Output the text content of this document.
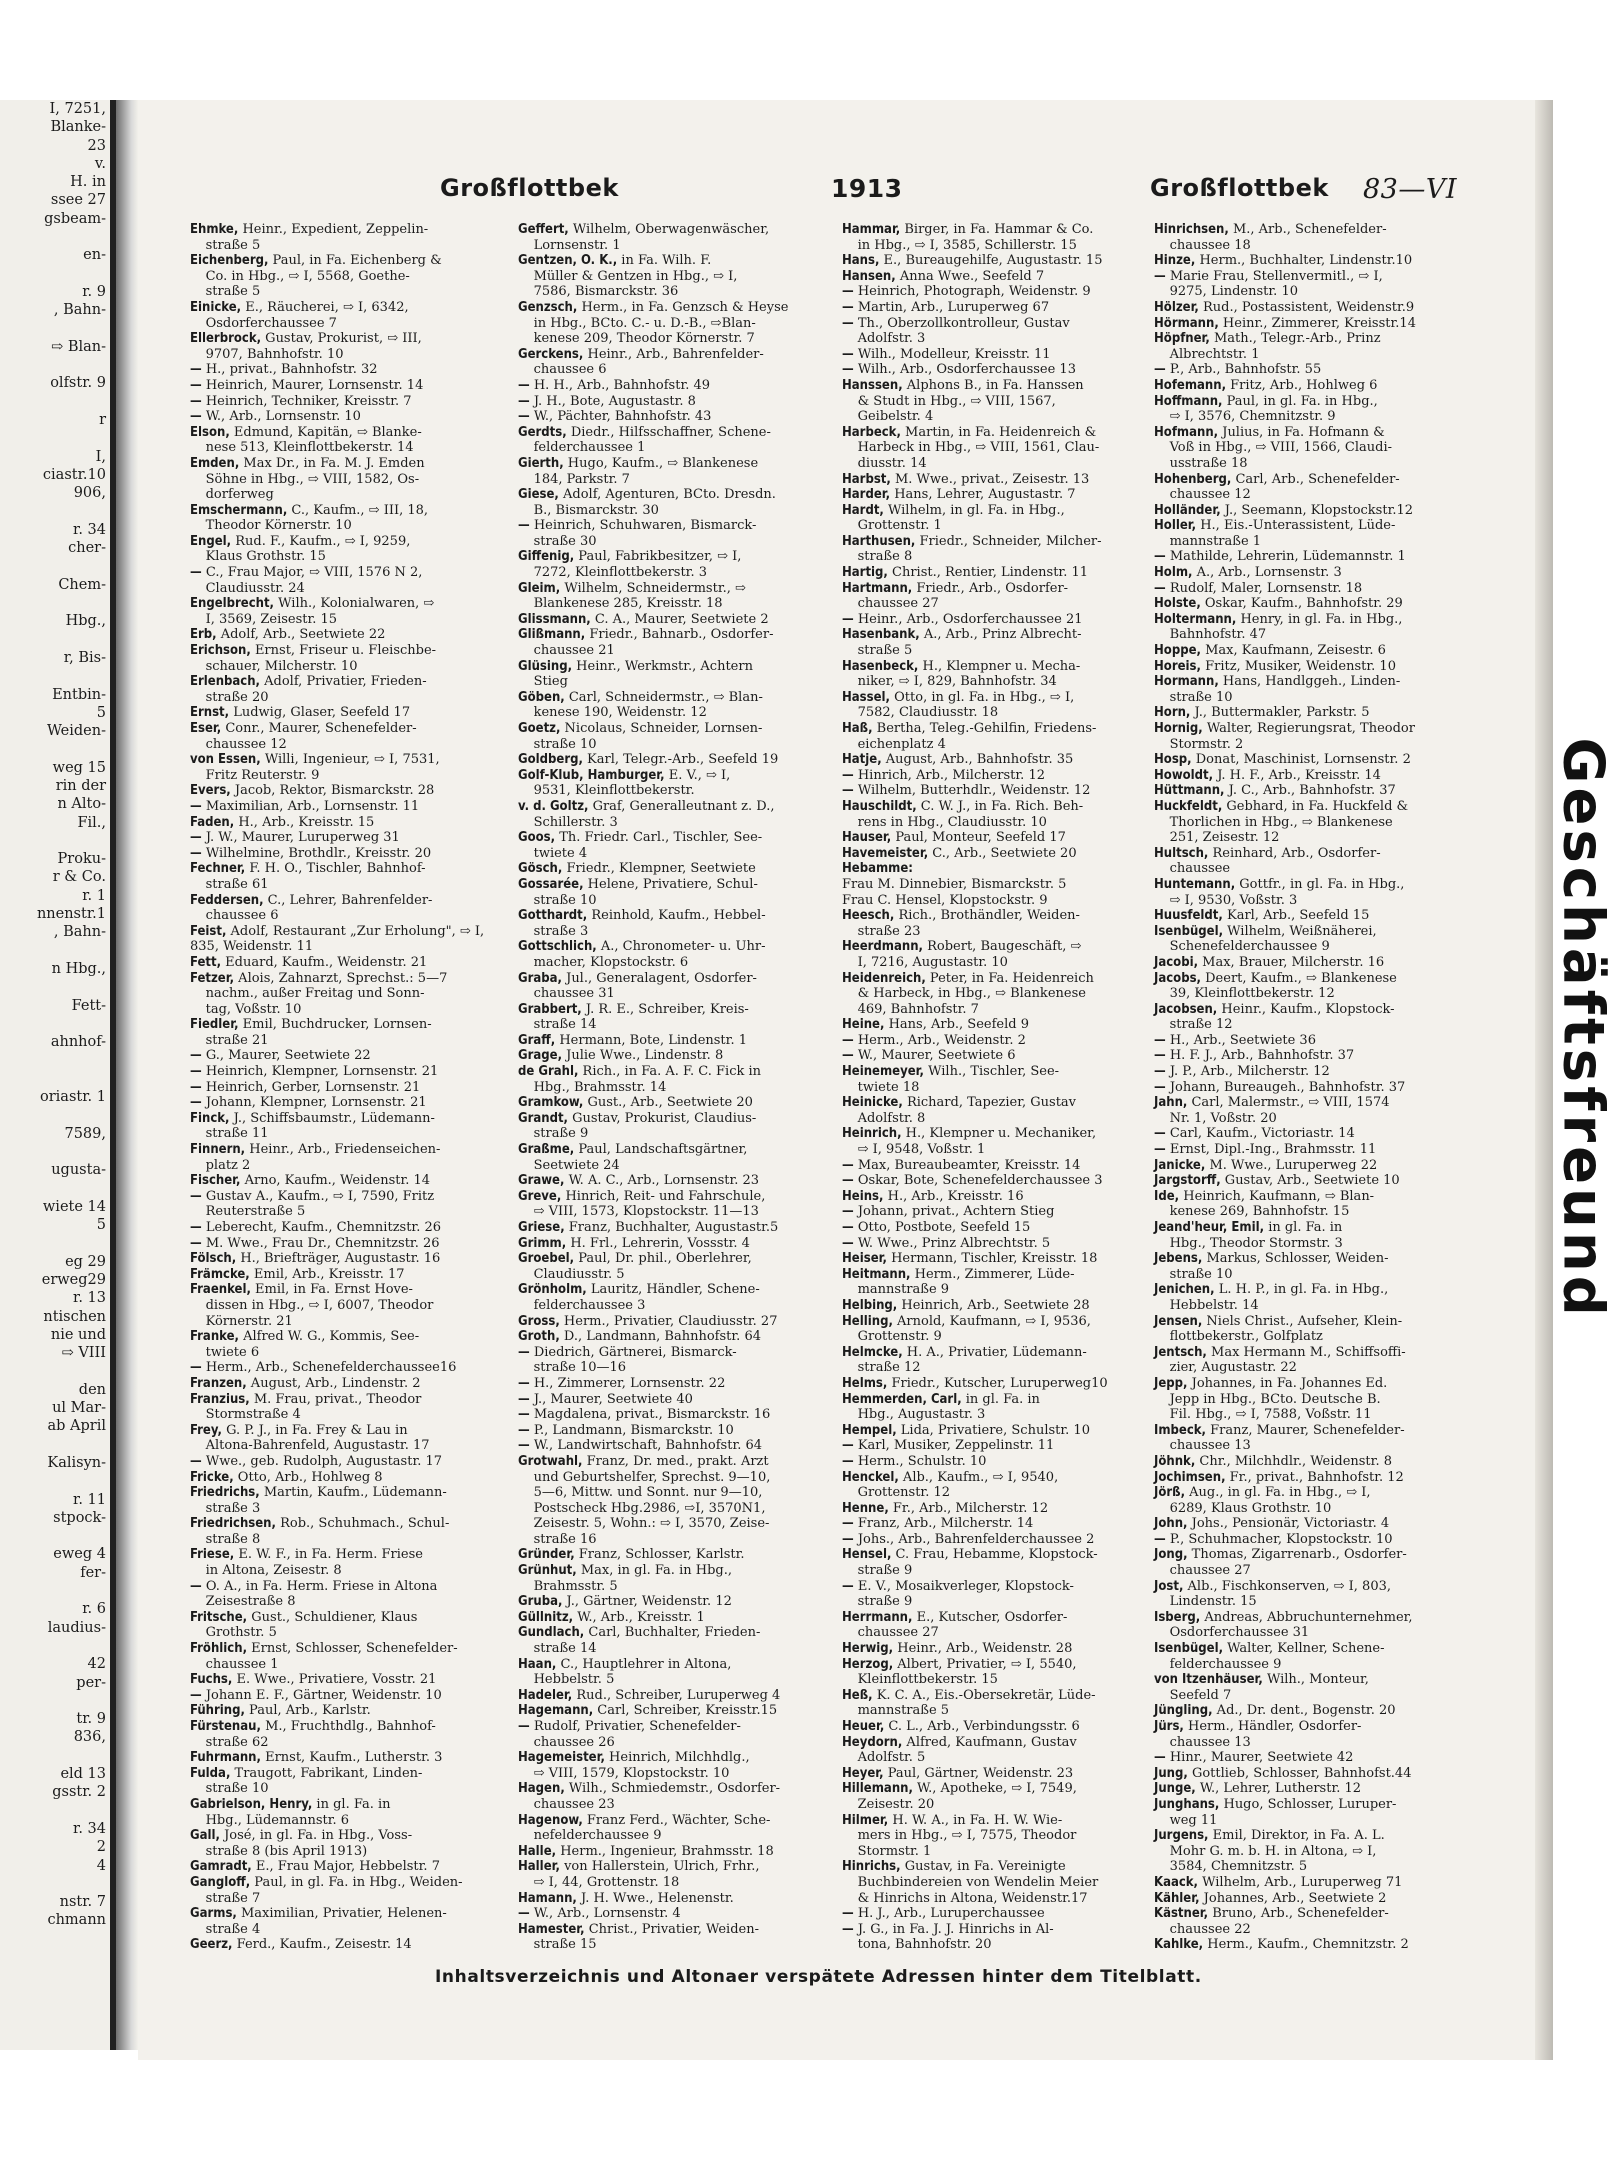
I, 7251,
Blanke-
23
v.
H. in
ssee 27
gsbeam-

en-

r. 9
, Bahn-

⇨ Blan-

olfstr. 9

r

I,
ciastr.10
906,

r. 34
cher-

Chem-

Hbg.,

r, Bis-

Entbin-
5
Weiden-

weg 15
rin der
n Alto-
Fil.,

Proku-
r & Co.
r. 1
nnenstr.1
, Bahn-

n Hbg.,

Fett-

ahnhof-

oriastr. 1

7589,

ugusta-

wiete 14
5

eg 29
erweg29
r. 13
ntischen
nie und
⇨ VIII

den
ul Mar-
ab April

Kalisyn-

r. 11
stpock-

eweg 4
fer-

r. 6
laudius-

42
per-

tr. 9
836,

eld 13
gsstr. 2

r. 34
2
4

nstr. 7
chmann
Geschäftsfreund
Großflottbek	1913	Großflottbek 83—VI
Ehmke, Heinr., Expedient, Zeppelin-
straße 5
Eichenberg, Paul, in Fa. Eichenberg &
Co. in Hbg., ⇨ I, 5568, Goethe-
straße 5
Einicke, E., Räucherei, ⇨ I, 6342,
Osdorferchaussee 7
Ellerbrock, Gustav, Prokurist, ⇨ III,
9707, Bahnhofstr. 10
— H., privat., Bahnhofstr. 32
— Heinrich, Maurer, Lornsenstr. 14
— Heinrich, Techniker, Kreisstr. 7
— W., Arb., Lornsenstr. 10
Elson, Edmund, Kapitän, ⇨ Blanke-
nese 513, Kleinflottbekerstr. 14
Emden, Max Dr., in Fa. M. J. Emden
Söhne in Hbg., ⇨ VIII, 1582, Os-
dorferweg
Emschermann, C., Kaufm., ⇨ III, 18,
Theodor Körnerstr. 10
Engel, Rud. F., Kaufm., ⇨ I, 9259,
Klaus Grothstr. 15
— C., Frau Major, ⇨ VIII, 1576 N 2,
Claudiusstr. 24
Engelbrecht, Wilh., Kolonialwaren, ⇨
I, 3569, Zeisestr. 15
Erb, Adolf, Arb., Seetwiete 22
Erichson, Ernst, Friseur u. Fleischbe-
schauer, Milcherstr. 10
Erlenbach, Adolf, Privatier, Frieden-
straße 20
Ernst, Ludwig, Glaser, Seefeld 17
Eser, Conr., Maurer, Schenefelder-
chaussee 12
von Essen, Willi, Ingenieur, ⇨ I, 7531,
Fritz Reuterstr. 9
Evers, Jacob, Rektor, Bismarckstr. 28
— Maximilian, Arb., Lornsenstr. 11
Faden, H., Arb., Kreisstr. 15
— J. W., Maurer, Luruperweg 31
— Wilhelmine, Brothdlr., Kreisstr. 20
Fechner, F. H. O., Tischler, Bahnhof-
straße 61
Feddersen, C., Lehrer, Bahrenfelder-
chaussee 6
Feist, Adolf, Restaurant „Zur Erholung", ⇨ I, 835, Weidenstr. 11
Fett, Eduard, Kaufm., Weidenstr. 21
Fetzer, Alois, Zahnarzt, Sprechst.: 5—7
nachm., außer Freitag und Sonn-
tag, Voßstr. 10
Fiedler, Emil, Buchdrucker, Lornsen-
straße 21
— G., Maurer, Seetwiete 22
— Heinrich, Klempner, Lornsenstr. 21
— Heinrich, Gerber, Lornsenstr. 21
— Johann, Klempner, Lornsenstr. 21
Finck, J., Schiffsbaumstr., Lüdemann-
straße 11
Finnern, Heinr., Arb., Friedenseichen-
platz 2
Fischer, Arno, Kaufm., Weidenstr. 14
— Gustav A., Kaufm., ⇨ I, 7590, Fritz
Reuterstraße 5
— Leberecht, Kaufm., Chemnitzstr. 26
— M. Wwe., Frau Dr., Chemnitzstr. 26
Fölsch, H., Briefträger, Augustastr. 16
Främcke, Emil, Arb., Kreisstr. 17
Fraenkel, Emil, in Fa. Ernst Hove-
dissen in Hbg., ⇨ I, 6007, Theodor
Körnerstr. 21
Franke, Alfred W. G., Kommis, See-
twiete 6
— Herm., Arb., Schenefelderchaussee16
Franzen, August, Arb., Lindenstr. 2
Franzius, M. Frau, privat., Theodor
Stormstraße 4
Frey, G. P. J., in Fa. Frey & Lau in
Altona-Bahrenfeld, Augustastr. 17
— Wwe., geb. Rudolph, Augustastr. 17
Fricke, Otto, Arb., Hohlweg 8
Friedrichs, Martin, Kaufm., Lüdemann-
straße 3
Friedrichsen, Rob., Schuhmach., Schul-
straße 8
Friese, E. W. F., in Fa. Herm. Friese
in Altona, Zeisestr. 8
— O. A., in Fa. Herm. Friese in Altona
Zeisestraße 8
Fritsche, Gust., Schuldiener, Klaus
Grothstr. 5
Fröhlich, Ernst, Schlosser, Schenefelder-
chaussee 1
Fuchs, E. Wwe., Privatiere, Vosstr. 21
— Johann E. F., Gärtner, Weidenstr. 10
Führing, Paul, Arb., Karlstr.
Fürstenau, M., Fruchthdlg., Bahnhof-
straße 62
Fuhrmann, Ernst, Kaufm., Lutherstr. 3
Fulda, Traugott, Fabrikant, Linden-
straße 10
Gabrielson, Henry, in gl. Fa. in
Hbg., Lüdemannstr. 6
Gall, José, in gl. Fa. in Hbg., Voss-
straße 8 (bis April 1913)
Gamradt, E., Frau Major, Hebbelstr. 7
Gangloff, Paul, in gl. Fa. in Hbg., Weiden-
straße 7
Garms, Maximilian, Privatier, Helenen-
straße 4
Geerz, Ferd., Kaufm., Zeisestr. 14
Geffert, Wilhelm, Oberwagenwäscher,
Lornsenstr. 1
Gentzen, O. K., in Fa. Wilh. F.
Müller & Gentzen in Hbg., ⇨ I,
7586, Bismarckstr. 36
Genzsch, Herm., in Fa. Genzsch & Heyse
in Hbg., BCto. C.- u. D.-B., ⇨Blan-
kenese 209, Theodor Körnerstr. 7
Gerckens, Heinr., Arb., Bahrenfelder-
chaussee 6
— H. H., Arb., Bahnhofstr. 49
— J. H., Bote, Augustastr. 8
— W., Pächter, Bahnhofstr. 43
Gerdts, Diedr., Hilfsschaffner, Schene-
felderchaussee 1
Gierth, Hugo, Kaufm., ⇨ Blankenese
184, Parkstr. 7
Giese, Adolf, Agenturen, BCto. Dresdn.
B., Bismarckstr. 30
— Heinrich, Schuhwaren, Bismarck-
straße 30
Giffenig, Paul, Fabrikbesitzer, ⇨ I,
7272, Kleinflottbekerstr. 3
Gleim, Wilhelm, Schneidermstr., ⇨
Blankenese 285, Kreisstr. 18
Glissmann, C. A., Maurer, Seetwiete 2
Glißmann, Friedr., Bahnarb., Osdorfer-
chaussee 21
Glüsing, Heinr., Werkmstr., Achtern
Stieg
Göben, Carl, Schneidermstr., ⇨ Blan-
kenese 190, Weidenstr. 12
Goetz, Nicolaus, Schneider, Lornsen-
straße 10
Goldberg, Karl, Telegr.-Arb., Seefeld 19
Golf-Klub, Hamburger, E. V., ⇨ I,
9531, Kleinflottbekerstr.
v. d. Goltz, Graf, Generalleutnant z. D.,
Schillerstr. 3
Goos, Th. Friedr. Carl., Tischler, See-
twiete 4
Gösch, Friedr., Klempner, Seetwiete
Gossarée, Helene, Privatiere, Schul-
straße 10
Gotthardt, Reinhold, Kaufm., Hebbel-
straße 3
Gottschlich, A., Chronometer- u. Uhr-
macher, Klopstockstr. 6
Graba, Jul., Generalagent, Osdorfer-
chaussee 31
Grabbert, J. R. E., Schreiber, Kreis-
straße 14
Graff, Hermann, Bote, Lindenstr. 1
Grage, Julie Wwe., Lindenstr. 8
de Grahl, Rich., in Fa. A. F. C. Fick in
Hbg., Brahmsstr. 14
Gramkow, Gust., Arb., Seetwiete 20
Grandt, Gustav, Prokurist, Claudius-
straße 9
Graßme, Paul, Landschaftsgärtner,
Seetwiete 24
Grawe, W. A. C., Arb., Lornsenstr. 23
Greve, Hinrich, Reit- und Fahrschule,
⇨ VIII, 1573, Klopstockstr. 11—13
Griese, Franz, Buchhalter, Augustastr.5
Grimm, H. Frl., Lehrerin, Vossstr. 4
Groebel, Paul, Dr. phil., Oberlehrer,
Claudiusstr. 5
Grönholm, Lauritz, Händler, Schene-
felderchaussee 3
Gross, Herm., Privatier, Claudiusstr. 27
Groth, D., Landmann, Bahnhofstr. 64
— Diedrich, Gärtnerei, Bismarck-
straße 10—16
— H., Zimmerer, Lornsenstr. 22
— J., Maurer, Seetwiete 40
— Magdalena, privat., Bismarckstr. 16
— P., Landmann, Bismarckstr. 10
— W., Landwirtschaft, Bahnhofstr. 64
Grotwahl, Franz, Dr. med., prakt. Arzt
und Geburtshelfer, Sprechst. 9—10,
5—6, Mittw. und Sonnt. nur 9—10,
Postscheck Hbg.2986, ⇨I, 3570N1,
Zeisestr. 5, Wohn.: ⇨ I, 3570, Zeise-
straße 16
Gründer, Franz, Schlosser, Karlstr.
Grünhut, Max, in gl. Fa. in Hbg.,
Brahmsstr. 5
Gruba, J., Gärtner, Weidenstr. 12
Güllnitz, W., Arb., Kreisstr. 1
Gundlach, Carl, Buchhalter, Frieden-
straße 14
Haan, C., Hauptlehrer in Altona,
Hebbelstr. 5
Hadeler, Rud., Schreiber, Luruperweg 4
Hagemann, Carl, Schreiber, Kreisstr.15
— Rudolf, Privatier, Schenefelder-
chaussee 26
Hagemeister, Heinrich, Milchhdlg.,
⇨ VIII, 1579, Klopstockstr. 10
Hagen, Wilh., Schmiedemstr., Osdorfer-
chaussee 23
Hagenow, Franz Ferd., Wächter, Sche-
nefelderchaussee 9
Halle, Herm., Ingenieur, Brahmsstr. 18
Haller, von Hallerstein, Ulrich, Frhr.,
⇨ I, 44, Grottenstr. 18
Hamann, J. H. Wwe., Helenenstr.
— W., Arb., Lornsenstr. 4
Hamester, Christ., Privatier, Weiden-
straße 15
Hammar, Birger, in Fa. Hammar & Co.
in Hbg., ⇨ I, 3585, Schillerstr. 15
Hans, E., Bureaugehilfe, Augustastr. 15
Hansen, Anna Wwe., Seefeld 7
— Heinrich, Photograph, Weidenstr. 9
— Martin, Arb., Luruperweg 67
— Th., Oberzollkontrolleur, Gustav
Adolfstr. 3
— Wilh., Modelleur, Kreisstr. 11
— Wilh., Arb., Osdorferchaussee 13
Hanssen, Alphons B., in Fa. Hanssen
& Studt in Hbg., ⇨ VIII, 1567,
Geibelstr. 4
Harbeck, Martin, in Fa. Heidenreich &
Harbeck in Hbg., ⇨ VIII, 1561, Clau-
diusstr. 14
Harbst, M. Wwe., privat., Zeisestr. 13
Harder, Hans, Lehrer, Augustastr. 7
Hardt, Wilhelm, in gl. Fa. in Hbg.,
Grottenstr. 1
Harthusen, Friedr., Schneider, Milcher-
straße 8
Hartig, Christ., Rentier, Lindenstr. 11
Hartmann, Friedr., Arb., Osdorfer-
chaussee 27
— Heinr., Arb., Osdorferchaussee 21
Hasenbank, A., Arb., Prinz Albrecht-
straße 5
Hasenbeck, H., Klempner u. Mecha-
niker, ⇨ I, 829, Bahnhofstr. 34
Hassel, Otto, in gl. Fa. in Hbg., ⇨ I,
7582, Claudiusstr. 18
Haß, Bertha, Teleg.-Gehilfin, Friedens-
eichenplatz 4
Hatje, August, Arb., Bahnhofstr. 35
— Hinrich, Arb., Milcherstr. 12
— Wilhelm, Butterhdlr., Weidenstr. 12
Hauschildt, C. W. J., in Fa. Rich. Beh-
rens in Hbg., Claudiusstr. 10
Hauser, Paul, Monteur, Seefeld 17
Havemeister, C., Arb., Seetwiete 20
Hebamme:
Frau M. Dinnebier, Bismarckstr. 5
Frau C. Hensel, Klopstockstr. 9
Heesch, Rich., Brothändler, Weiden-
straße 23
Heerdmann, Robert, Baugeschäft, ⇨
I, 7216, Augustastr. 10
Heidenreich, Peter, in Fa. Heidenreich
& Harbeck, in Hbg., ⇨ Blankenese
469, Bahnhofstr. 7
Heine, Hans, Arb., Seefeld 9
— Herm., Arb., Weidenstr. 2
— W., Maurer, Seetwiete 6
Heinemeyer, Wilh., Tischler, See-
twiete 18
Heinicke, Richard, Tapezier, Gustav
Adolfstr. 8
Heinrich, H., Klempner u. Mechaniker,
⇨ I, 9548, Voßstr. 1
— Max, Bureaubeamter, Kreisstr. 14
— Oskar, Bote, Schenefelderchaussee 3
Heins, H., Arb., Kreisstr. 16
— Johann, privat., Achtern Stieg
— Otto, Postbote, Seefeld 15
— W. Wwe., Prinz Albrechtstr. 5
Heiser, Hermann, Tischler, Kreisstr. 18
Heitmann, Herm., Zimmerer, Lüde-
mannstraße 9
Helbing, Heinrich, Arb., Seetwiete 28
Helling, Arnold, Kaufmann, ⇨ I, 9536,
Grottenstr. 9
Helmcke, H. A., Privatier, Lüdemann-
straße 12
Helms, Friedr., Kutscher, Luruperweg10
Hemmerden, Carl, in gl. Fa. in
Hbg., Augustastr. 3
Hempel, Lida, Privatiere, Schulstr. 10
— Karl, Musiker, Zeppelinstr. 11
— Herm., Schulstr. 10
Henckel, Alb., Kaufm., ⇨ I, 9540,
Grottenstr. 12
Henne, Fr., Arb., Milcherstr. 12
— Franz, Arb., Milcherstr. 14
— Johs., Arb., Bahrenfelderchaussee 2
Hensel, C. Frau, Hebamme, Klopstock-
straße 9
— E. V., Mosaikverleger, Klopstock-
straße 9
Herrmann, E., Kutscher, Osdorfer-
chaussee 27
Herwig, Heinr., Arb., Weidenstr. 28
Herzog, Albert, Privatier, ⇨ I, 5540,
Kleinflottbekerstr. 15
Heß, K. C. A., Eis.-Obersekretär, Lüde-
mannstraße 5
Heuer, C. L., Arb., Verbindungsstr. 6
Heydorn, Alfred, Kaufmann, Gustav
Adolfstr. 5
Heyer, Paul, Gärtner, Weidenstr. 23
Hillemann, W., Apotheke, ⇨ I, 7549,
Zeisestr. 20
Hilmer, H. W. A., in Fa. H. W. Wie-
mers in Hbg., ⇨ I, 7575, Theodor
Stormstr. 1
Hinrichs, Gustav, in Fa. Vereinigte
Buchbindereien von Wendelin Meier
& Hinrichs in Altona, Weidenstr.17
— H. J., Arb., Luruperchaussee
— J. G., in Fa. J. J. Hinrichs in Al-
tona, Bahnhofstr. 20
Hinrichsen, M., Arb., Schenefelder-
chaussee 18
Hinze, Herm., Buchhalter, Lindenstr.10
— Marie Frau, Stellenvermitl., ⇨ I,
9275, Lindenstr. 10
Hölzer, Rud., Postassistent, Weidenstr.9
Hörmann, Heinr., Zimmerer, Kreisstr.14
Höpfner, Math., Telegr.-Arb., Prinz
Albrechtstr. 1
— P., Arb., Bahnhofstr. 55
Hofemann, Fritz, Arb., Hohlweg 6
Hoffmann, Paul, in gl. Fa. in Hbg.,
⇨ I, 3576, Chemnitzstr. 9
Hofmann, Julius, in Fa. Hofmann &
Voß in Hbg., ⇨ VIII, 1566, Claudi-
usstraße 18
Hohenberg, Carl, Arb., Schenefelder-
chaussee 12
Holländer, J., Seemann, Klopstockstr.12
Holler, H., Eis.-Unterassistent, Lüde-
mannstraße 1
— Mathilde, Lehrerin, Lüdemannstr. 1
Holm, A., Arb., Lornsenstr. 3
— Rudolf, Maler, Lornsenstr. 18
Holste, Oskar, Kaufm., Bahnhofstr. 29
Holtermann, Henry, in gl. Fa. in Hbg.,
Bahnhofstr. 47
Hoppe, Max, Kaufmann, Zeisestr. 6
Horeis, Fritz, Musiker, Weidenstr. 10
Hormann, Hans, Handlggeh., Linden-
straße 10
Horn, J., Buttermakler, Parkstr. 5
Hornig, Walter, Regierungsrat, Theodor
Stormstr. 2
Hosp, Donat, Maschinist, Lornsenstr. 2
Howoldt, J. H. F., Arb., Kreisstr. 14
Hüttmann, J. C., Arb., Bahnhofstr. 37
Huckfeldt, Gebhard, in Fa. Huckfeld &
Thorlichen in Hbg., ⇨ Blankenese
251, Zeisestr. 12
Hultsch, Reinhard, Arb., Osdorfer-
chaussee
Huntemann, Gottfr., in gl. Fa. in Hbg.,
⇨ I, 9530, Voßstr. 3
Huusfeldt, Karl, Arb., Seefeld 15
Isenbügel, Wilhelm, Weißnäherei,
Schenefelderchaussee 9
Jacobi, Max, Brauer, Milcherstr. 16
Jacobs, Deert, Kaufm., ⇨ Blankenese
39, Kleinflottbekerstr. 12
Jacobsen, Heinr., Kaufm., Klopstock-
straße 12
— H., Arb., Seetwiete 36
— H. F. J., Arb., Bahnhofstr. 37
— J. P., Arb., Milcherstr. 12
— Johann, Bureaugeh., Bahnhofstr. 37
Jahn, Carl, Malermstr., ⇨ VIII, 1574
Nr. 1, Voßstr. 20
— Carl, Kaufm., Victoriastr. 14
— Ernst, Dipl.-Ing., Brahmsstr. 11
Janicke, M. Wwe., Luruperweg 22
Jargstorff, Gustav, Arb., Seetwiete 10
Ide, Heinrich, Kaufmann, ⇨ Blan-
kenese 269, Bahnhofstr. 15
Jeand'heur, Emil, in gl. Fa. in
Hbg., Theodor Stormstr. 3
Jebens, Markus, Schlosser, Weiden-
straße 10
Jenichen, L. H. P., in gl. Fa. in Hbg.,
Hebbelstr. 14
Jensen, Niels Christ., Aufseher, Klein-
flottbekerstr., Golfplatz
Jentsch, Max Hermann M., Schiffsoffi-
zier, Augustastr. 22
Jepp, Johannes, in Fa. Johannes Ed.
Jepp in Hbg., BCto. Deutsche B.
Fil. Hbg., ⇨ I, 7588, Voßstr. 11
Imbeck, Franz, Maurer, Schenefelder-
chaussee 13
Jöhnk, Chr., Milchhdlr., Weidenstr. 8
Jochimsen, Fr., privat., Bahnhofstr. 12
Jörß, Aug., in gl. Fa. in Hbg., ⇨ I,
6289, Klaus Grothstr. 10
John, Johs., Pensionär, Victoriastr. 4
— P., Schuhmacher, Klopstockstr. 10
Jong, Thomas, Zigarrenarb., Osdorfer-
chaussee 27
Jost, Alb., Fischkonserven, ⇨ I, 803,
Lindenstr. 15
Isberg, Andreas, Abbruchunternehmer,
Osdorferchaussee 31
Isenbügel, Walter, Kellner, Schene-
felderchaussee 9
von Itzenhäuser, Wilh., Monteur,
Seefeld 7
Jüngling, Ad., Dr. dent., Bogenstr. 20
Jürs, Herm., Händler, Osdorfer-
chaussee 13
— Hinr., Maurer, Seetwiete 42
Jung, Gottlieb, Schlosser, Bahnhofst.44
Junge, W., Lehrer, Lutherstr. 12
Junghans, Hugo, Schlosser, Luruper-
weg 11
Jurgens, Emil, Direktor, in Fa. A. L.
Mohr G. m. b. H. in Altona, ⇨ I,
3584, Chemnitzstr. 5
Kaack, Wilhelm, Arb., Luruperweg 71
Kähler, Johannes, Arb., Seetwiete 2
Kästner, Bruno, Arb., Schenefelder-
chaussee 22
Kahlke, Herm., Kaufm., Chemnitzstr. 2
Inhaltsverzeichnis und Altonaer verspätete Adressen hinter dem Titelblatt.
